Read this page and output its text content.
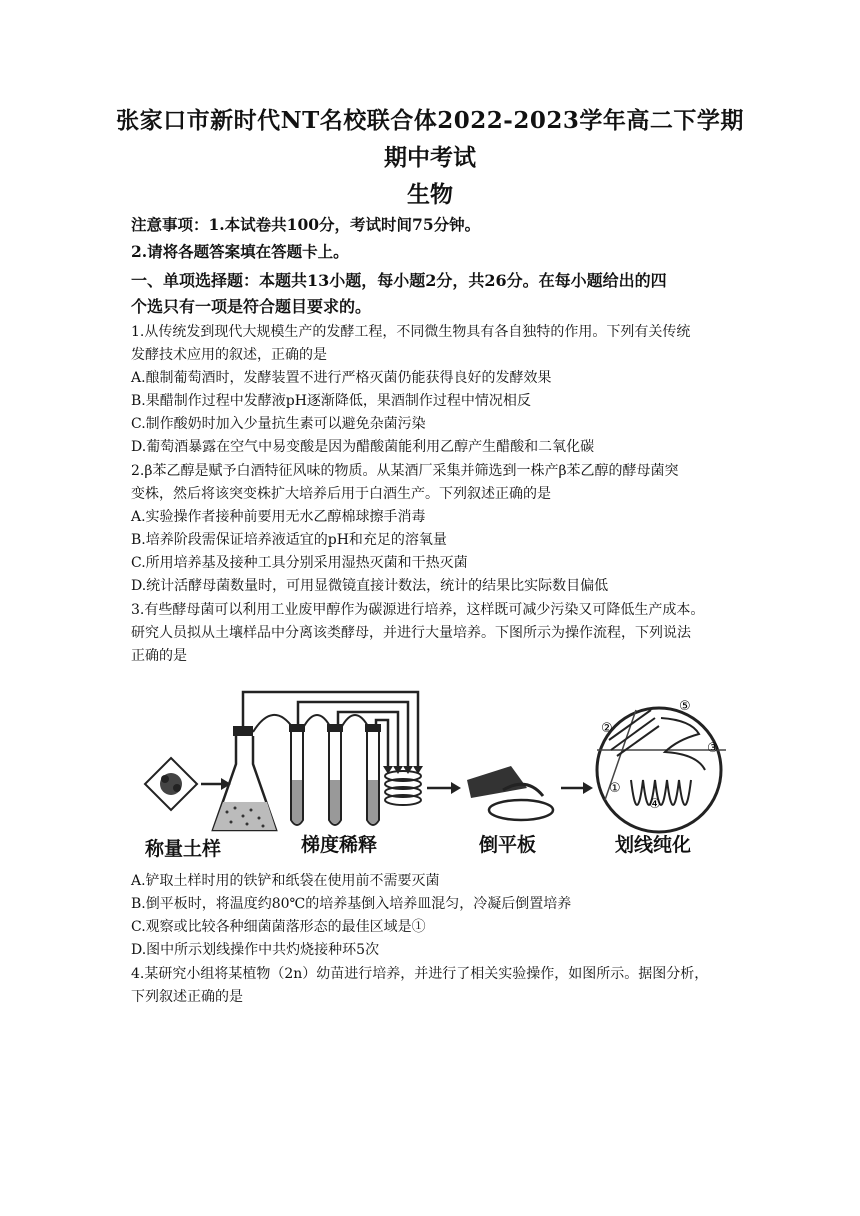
张家口市新时代NT名校联合体2022-2023学年高二下学期
期中考试
生物
注意事项：1.本试卷共100分，考试时间75分钟。
2.请将各题答案填在答题卡上。
一、单项选择题：本题共13小题，每小题2分，共26分。在每小题给出的四
个选只有一项是符合题目要求的。
1.从传统发到现代大规模生产的发酵工程，不同微生物具有各自独特的作用。下列有关传统
发酵技术应用的叙述，正确的是
A.酿制葡萄酒时，发酵装置不进行严格灭菌仍能获得良好的发酵效果
B.果醋制作过程中发酵液pH逐渐降低，果酒制作过程中情况相反
C.制作酸奶时加入少量抗生素可以避免杂菌污染
D.葡萄酒暴露在空气中易变酸是因为醋酸菌能利用乙醇产生醋酸和二氧化碳
2.β苯乙醇是赋予白酒特征风味的物质。从某酒厂采集并筛选到一株产β苯乙醇的酵母菌突
变株，然后将该突变株扩大培养后用于白酒生产。下列叙述正确的是
A.实验操作者接种前要用无水乙醇棉球擦手消毒
B.培养阶段需保证培养液适宜的pH和充足的溶氧量
C.所用培养基及接种工具分别采用湿热灭菌和干热灭菌
D.统计活酵母菌数量时，可用显微镜直接计数法，统计的结果比实际数目偏低
3.有些酵母菌可以利用工业废甲醇作为碳源进行培养，这样既可减少污染又可降低生产成本。
研究人员拟从土壤样品中分离该类酵母，并进行大量培养。下图所示为操作流程，下列说法
正确的是
②
①
⑤
③
④
称量土样	梯度稀释	倒平板	划线纯化
A.铲取土样时用的铁铲和纸袋在使用前不需要灭菌
B.倒平板时，将温度约80℃的培养基倒入培养皿混匀，冷凝后倒置培养
C.观察或比较各种细菌菌落形态的最佳区域是①
D.图中所示划线操作中共灼烧接种环5次
4.某研究小组将某植物（2n）幼苗进行培养，并进行了相关实验操作，如图所示。据图分析，
下列叙述正确的是
